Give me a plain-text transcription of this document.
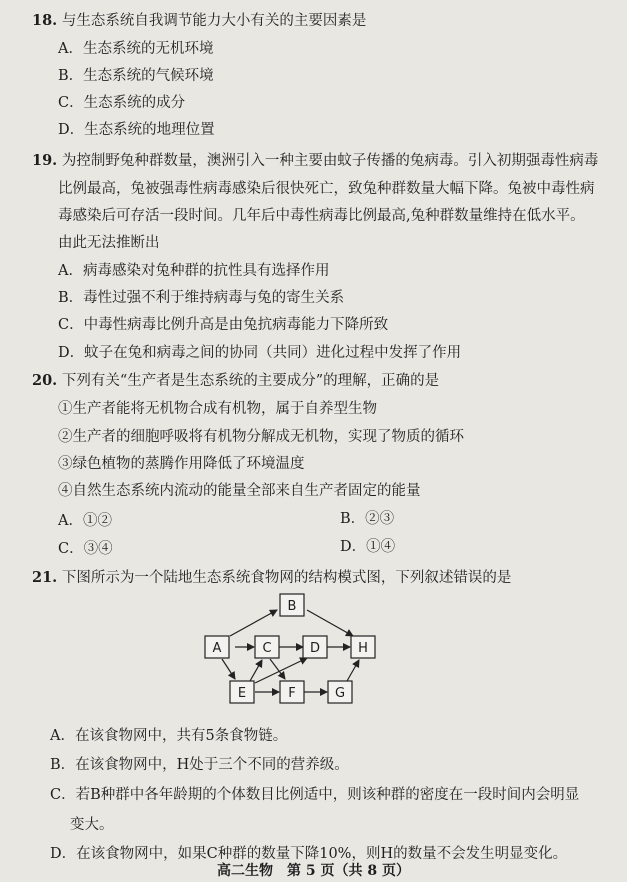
18. 与生态系统自我调节能力大小有关的主要因素是
A．生态系统的无机环境
B．生态系统的气候环境
C．生态系统的成分
D．生态系统的地理位置
19. 为控制野兔种群数量，澳洲引入一种主要由蚊子传播的兔病毒。引入初期强毒性病毒
比例最高，兔被强毒性病毒感染后很快死亡，致兔种群数量大幅下降。兔被中毒性病
毒感染后可存活一段时间。几年后中毒性病毒比例最高,兔种群数量维持在低水平。
由此无法推断出
A．病毒感染对兔种群的抗性具有选择作用
B．毒性过强不利于维持病毒与兔的寄生关系
C．中毒性病毒比例升高是由兔抗病毒能力下降所致
D．蚊子在兔和病毒之间的协同（共同）进化过程中发挥了作用
20. 下列有关“生产者是生态系统的主要成分”的理解，正确的是
①生产者能将无机物合成有机物，属于自养型生物
②生产者的细胞呼吸将有机物分解成无机物，实现了物质的循环
③绿色植物的蒸腾作用降低了环境温度
④自然生态系统内流动的能量全部来自生产者固定的能量
A．①②	B．②③
C．③④	D．①④
21. 下图所示为一个陆地生态系统食物网的结构模式图，下列叙述错误的是
A
B
C	D
E	F	G
H
A．在该食物网中，共有5条食物链。
B．在该食物网中，H处于三个不同的营养级。
C．若B种群中各年龄期的个体数目比例适中，则该种群的密度在一段时间内会明显
变大。
D．在该食物网中，如果C种群的数量下降10%，则H的数量不会发生明显变化。
高二生物　第 5 页（共 8 页）
